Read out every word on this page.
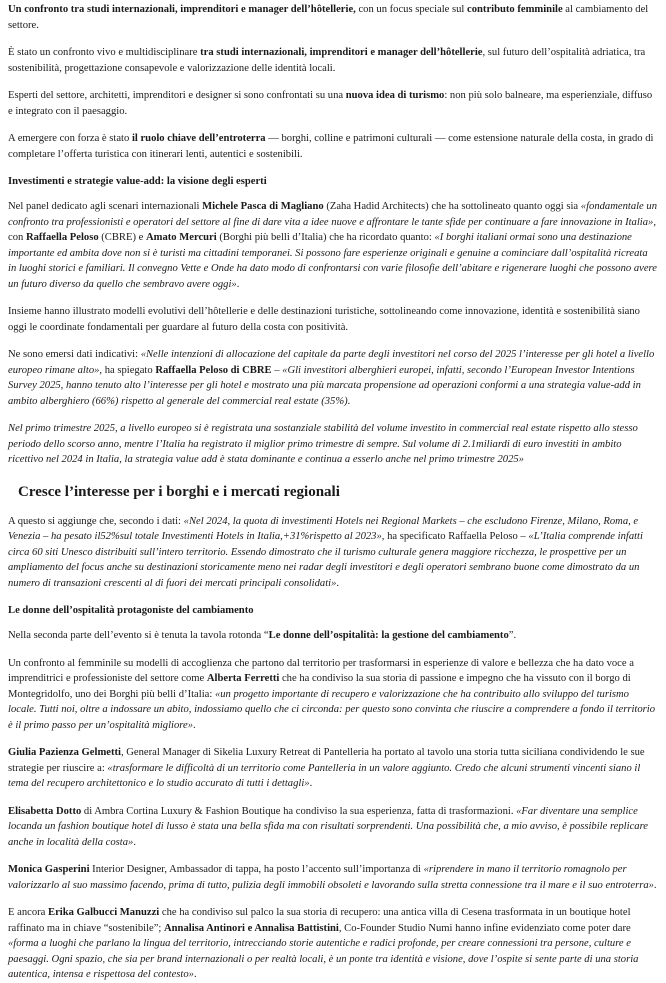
Un confronto tra studi internazionali, imprenditori e manager dell’hôtellerie, con un focus speciale sul contributo femminile al cambiamento del settore.

È stato un confronto vivo e multidisciplinare tra studi internazionali, imprenditori e manager dell’hôtellerie, sul futuro dell’ospitalità adriatica, tra sostenibilità, progettazione consapevole e valorizzazione delle identità locali.

Esperti del settore, architetti, imprenditori e designer si sono confrontati su una nuova idea di turismo: non più solo balneare, ma esperienziale, diffuso e integrato con il paesaggio.

A emergere con forza è stato il ruolo chiave dell’entroterra — borghi, colline e patrimoni culturali — come estensione naturale della costa, in grado di completare l’offerta turistica con itinerari lenti, autentici e sostenibili.

Investimenti e strategie value-add: la visione degli esperti

Nel panel dedicato agli scenari internazionali Michele Pasca di Magliano (Zaha Hadid Architects) che ha sottolineato quanto oggi sia «fondamentale un confronto tra professionisti e operatori del settore al fine di dare vita a idee nuove e affrontare le tante sfide per continuare a fare innovazione in Italia», con Raffaella Peloso (CBRE) e Amato Mercuri (Borghi più belli d’Italia) che ha ricordato quanto: «I borghi italiani ormai sono una destinazione importante ed ambita dove non si è turisti ma cittadini temporanei. Si possono fare esperienze originali e genuine a cominciare dall’ospitalità ricreata in luoghi storici e familiari. Il convegno Vette e Onde ha dato modo di confrontarsi con varie filosofie dell’abitare e rigenerare luoghi che possono avere un futuro diverso da quello che sembravo avere oggi».

Insieme hanno illustrato modelli evolutivi dell’hôtellerie e delle destinazioni turistiche, sottolineando come innovazione, identità e sostenibilità siano oggi le coordinate fondamentali per guardare al futuro della costa con positività.

Ne sono emersi dati indicativi: «Nelle intenzioni di allocazione del capitale da parte degli investitori nel corso del 2025 l’interesse per gli hotel a livello europeo rimane alto», ha spiegato Raffaella Peloso di CBRE – «Gli investitori alberghieri europei, infatti, secondo l’European Investor Intentions Survey 2025, hanno tenuto alto l’interesse per gli hotel e mostrato una più marcata propensione ad operazioni conformi a una strategia value-add in ambito alberghiero (66%) rispetto al generale del commercial real estate (35%).

Nel primo trimestre 2025, a livello europeo si è registrata una sostanziale stabilità del volume investito in commercial real estate rispetto allo stesso periodo dello scorso anno, mentre l’Italia ha registrato il miglior primo trimestre di sempre. Sul volume di 2.1miliardi di euro investiti in ambito ricettivo nel 2024 in Italia, la strategia value add è stata dominante e continua a esserlo anche nel primo trimestre 2025»

Cresce l’interesse per i borghi e i mercati regionali

A questo si aggiunge che, secondo i dati: «Nel 2024, la quota di investimenti Hotels nei Regional Markets – che escludono Firenze, Milano, Roma, e Venezia – ha pesato il52%sul totale Investimenti Hotels in Italia,+31%rispetto al 2023», ha specificato Raffaella Peloso – «L’Italia comprende infatti circa 60 siti Unesco distribuiti sull’intero territorio. Essendo dimostrato che il turismo culturale genera maggiore ricchezza, le prospettive per un ampliamento del focus anche su destinazioni storicamente meno nei radar degli investitori e degli operatori sembrano buone come dimostrato da un numero di transazioni crescenti al di fuori dei mercati principali consolidati».

Le donne dell’ospitalità protagoniste del cambiamento

Nella seconda parte dell’evento si è tenuta la tavola rotonda “Le donne dell’ospitalità: la gestione del cambiamento”.

Un confronto al femminile su modelli di accoglienza che partono dal territorio per trasformarsi in esperienze di valore e bellezza che ha dato voce a imprenditrici e professioniste del settore come Alberta Ferretti che ha condiviso la sua storia di passione e impegno che ha vissuto con il borgo di Montegridolfo, uno dei Borghi più belli d’Italia: «un progetto importante di recupero e valorizzazione che ha contribuito allo sviluppo del turismo locale. Tutti noi, oltre a indossare un abito, indossiamo quello che ci circonda: per questo sono convinta che riuscire a comprendere a fondo il territorio è il primo passo per un’ospitalità migliore».

Giulia Pazienza Gelmetti, General Manager di Sikelia Luxury Retreat di Pantelleria ha portato al tavolo una storia tutta siciliana condividendo le sue strategie per riuscire a: «trasformare le difficoltà di un territorio come Pantelleria in un valore aggiunto. Credo che alcuni strumenti vincenti siano il tema del recupero architettonico e lo studio accurato di tutti i dettagli».

Elisabetta Dotto di Ambra Cortina Luxury & Fashion Boutique ha condiviso la sua esperienza, fatta di trasformazioni. «Far diventare una semplice locanda un fashion boutique hotel di lusso è stata una bella sfida ma con risultati sorprendenti. Una possibilità che, a mio avviso, è possibile replicare anche in località della costa».

Monica Gasperini Interior Designer, Ambassador di tappa, ha posto l’accento sull’importanza di «riprendere in mano il territorio romagnolo per valorizzarlo al suo massimo facendo, prima di tutto, pulizia degli immobili obsoleti e lavorando sulla stretta connessione tra il mare e il suo entroterra».

E ancora Erika Galbucci Manuzzi che ha condiviso sul palco la sua storia di recupero: una antica villa di Cesena trasformata in un boutique hotel raffinato ma in chiave “sostenibile”; Annalisa Antinori e Annalisa Battistini, Co-Founder Studio Numi hanno infine evidenziato come poter dare «forma a luoghi che parlano la lingua del territorio, intrecciando storie autentiche e radici profonde, per creare connessioni tra persone, culture e paesaggi. Ogni spazio, che sia per brand internazionali o per realtà locali, è un ponte tra identità e visione, dove l’ospite si sente parte di una storia autentica, intensa e rispettosa del contesto».
